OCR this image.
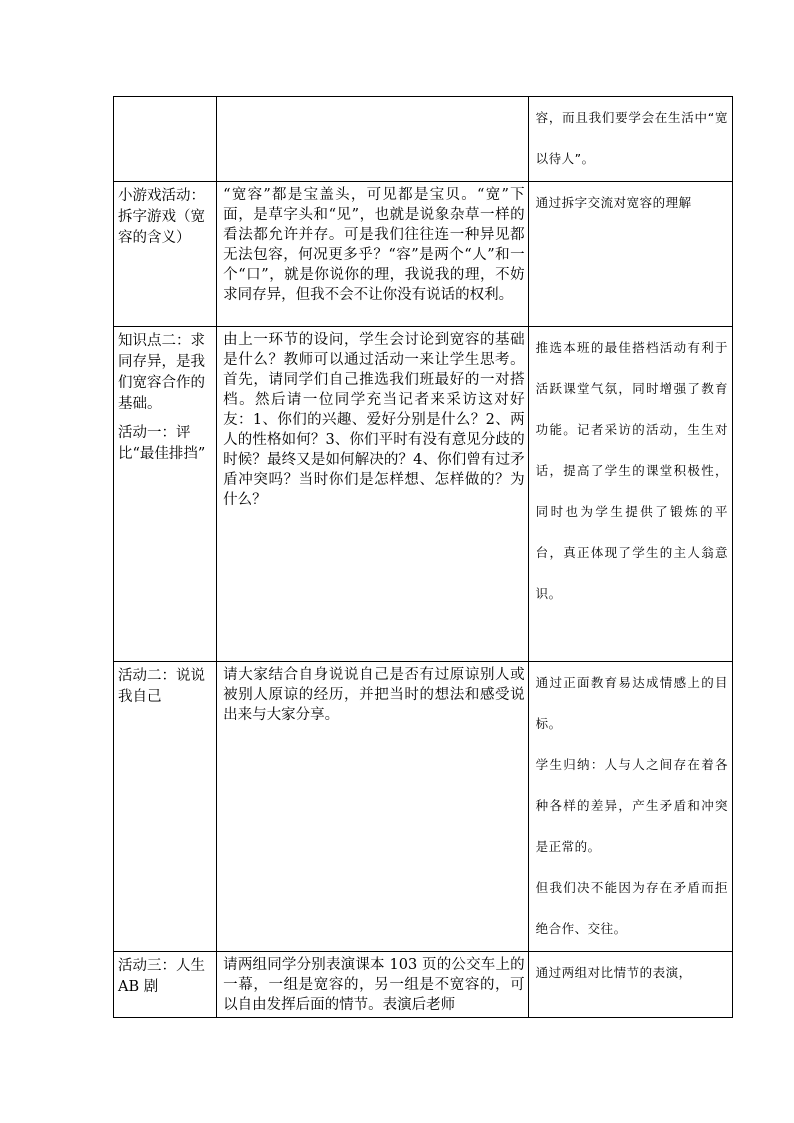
		容，而且我们要学会在生活中“宽以待人”。

小游戏活动：拆字游戏（宽容的含义）	“宽容”都是宝盖头，可见都是宝贝。“宽”下面，是草字头和“见”，也就是说象杂草一样的看法都允许并存。可是我们往往连一种异见都无法包容，何况更多乎？“容”是两个“人”和一个“口”，就是你说你的理，我说我的理，不妨求同存异，但我不会不让你没有说话的权利。	通过拆字交流对宽容的理解

知识点二：求同存异，是我们宽容合作的基础。
活动一：评比“最佳排挡”	由上一环节的设问，学生会讨论到宽容的基础是什么？教师可以通过活动一来让学生思考。首先，请同学们自己推选我们班最好的一对搭档。然后请一位同学充当记者来采访这对好友：1、你们的兴趣、爱好分别是什么？2、两人的性格如何？3、你们平时有没有意见分歧的时候？最终又是如何解决的？4、你们曾有过矛盾冲突吗？当时你们是怎样想、怎样做的？为什么？	推选本班的最佳搭档活动有利于活跃课堂气氛，同时增强了教育功能。记者采访的活动，生生对话，提高了学生的课堂积极性，同时也为学生提供了锻炼的平台，真正体现了学生的主人翁意识。

活动二：说说我自己	请大家结合自身说说自己是否有过原谅别人或被别人原谅的经历，并把当时的想法和感受说出来与大家分享。	通过正面教育易达成情感上的目标。

学生归纳：人与人之间存在着各种各样的差异，产生矛盾和冲突是正常的。

但我们决不能因为存在矛盾而拒绝合作、交往。

活动三：人生 AB 剧	请两组同学分别表演课本 103 页的公交车上的一幕，一组是宽容的，另一组是不宽容的，可以自由发挥后面的情节。表演后老师	通过两组对比情节的表演，
